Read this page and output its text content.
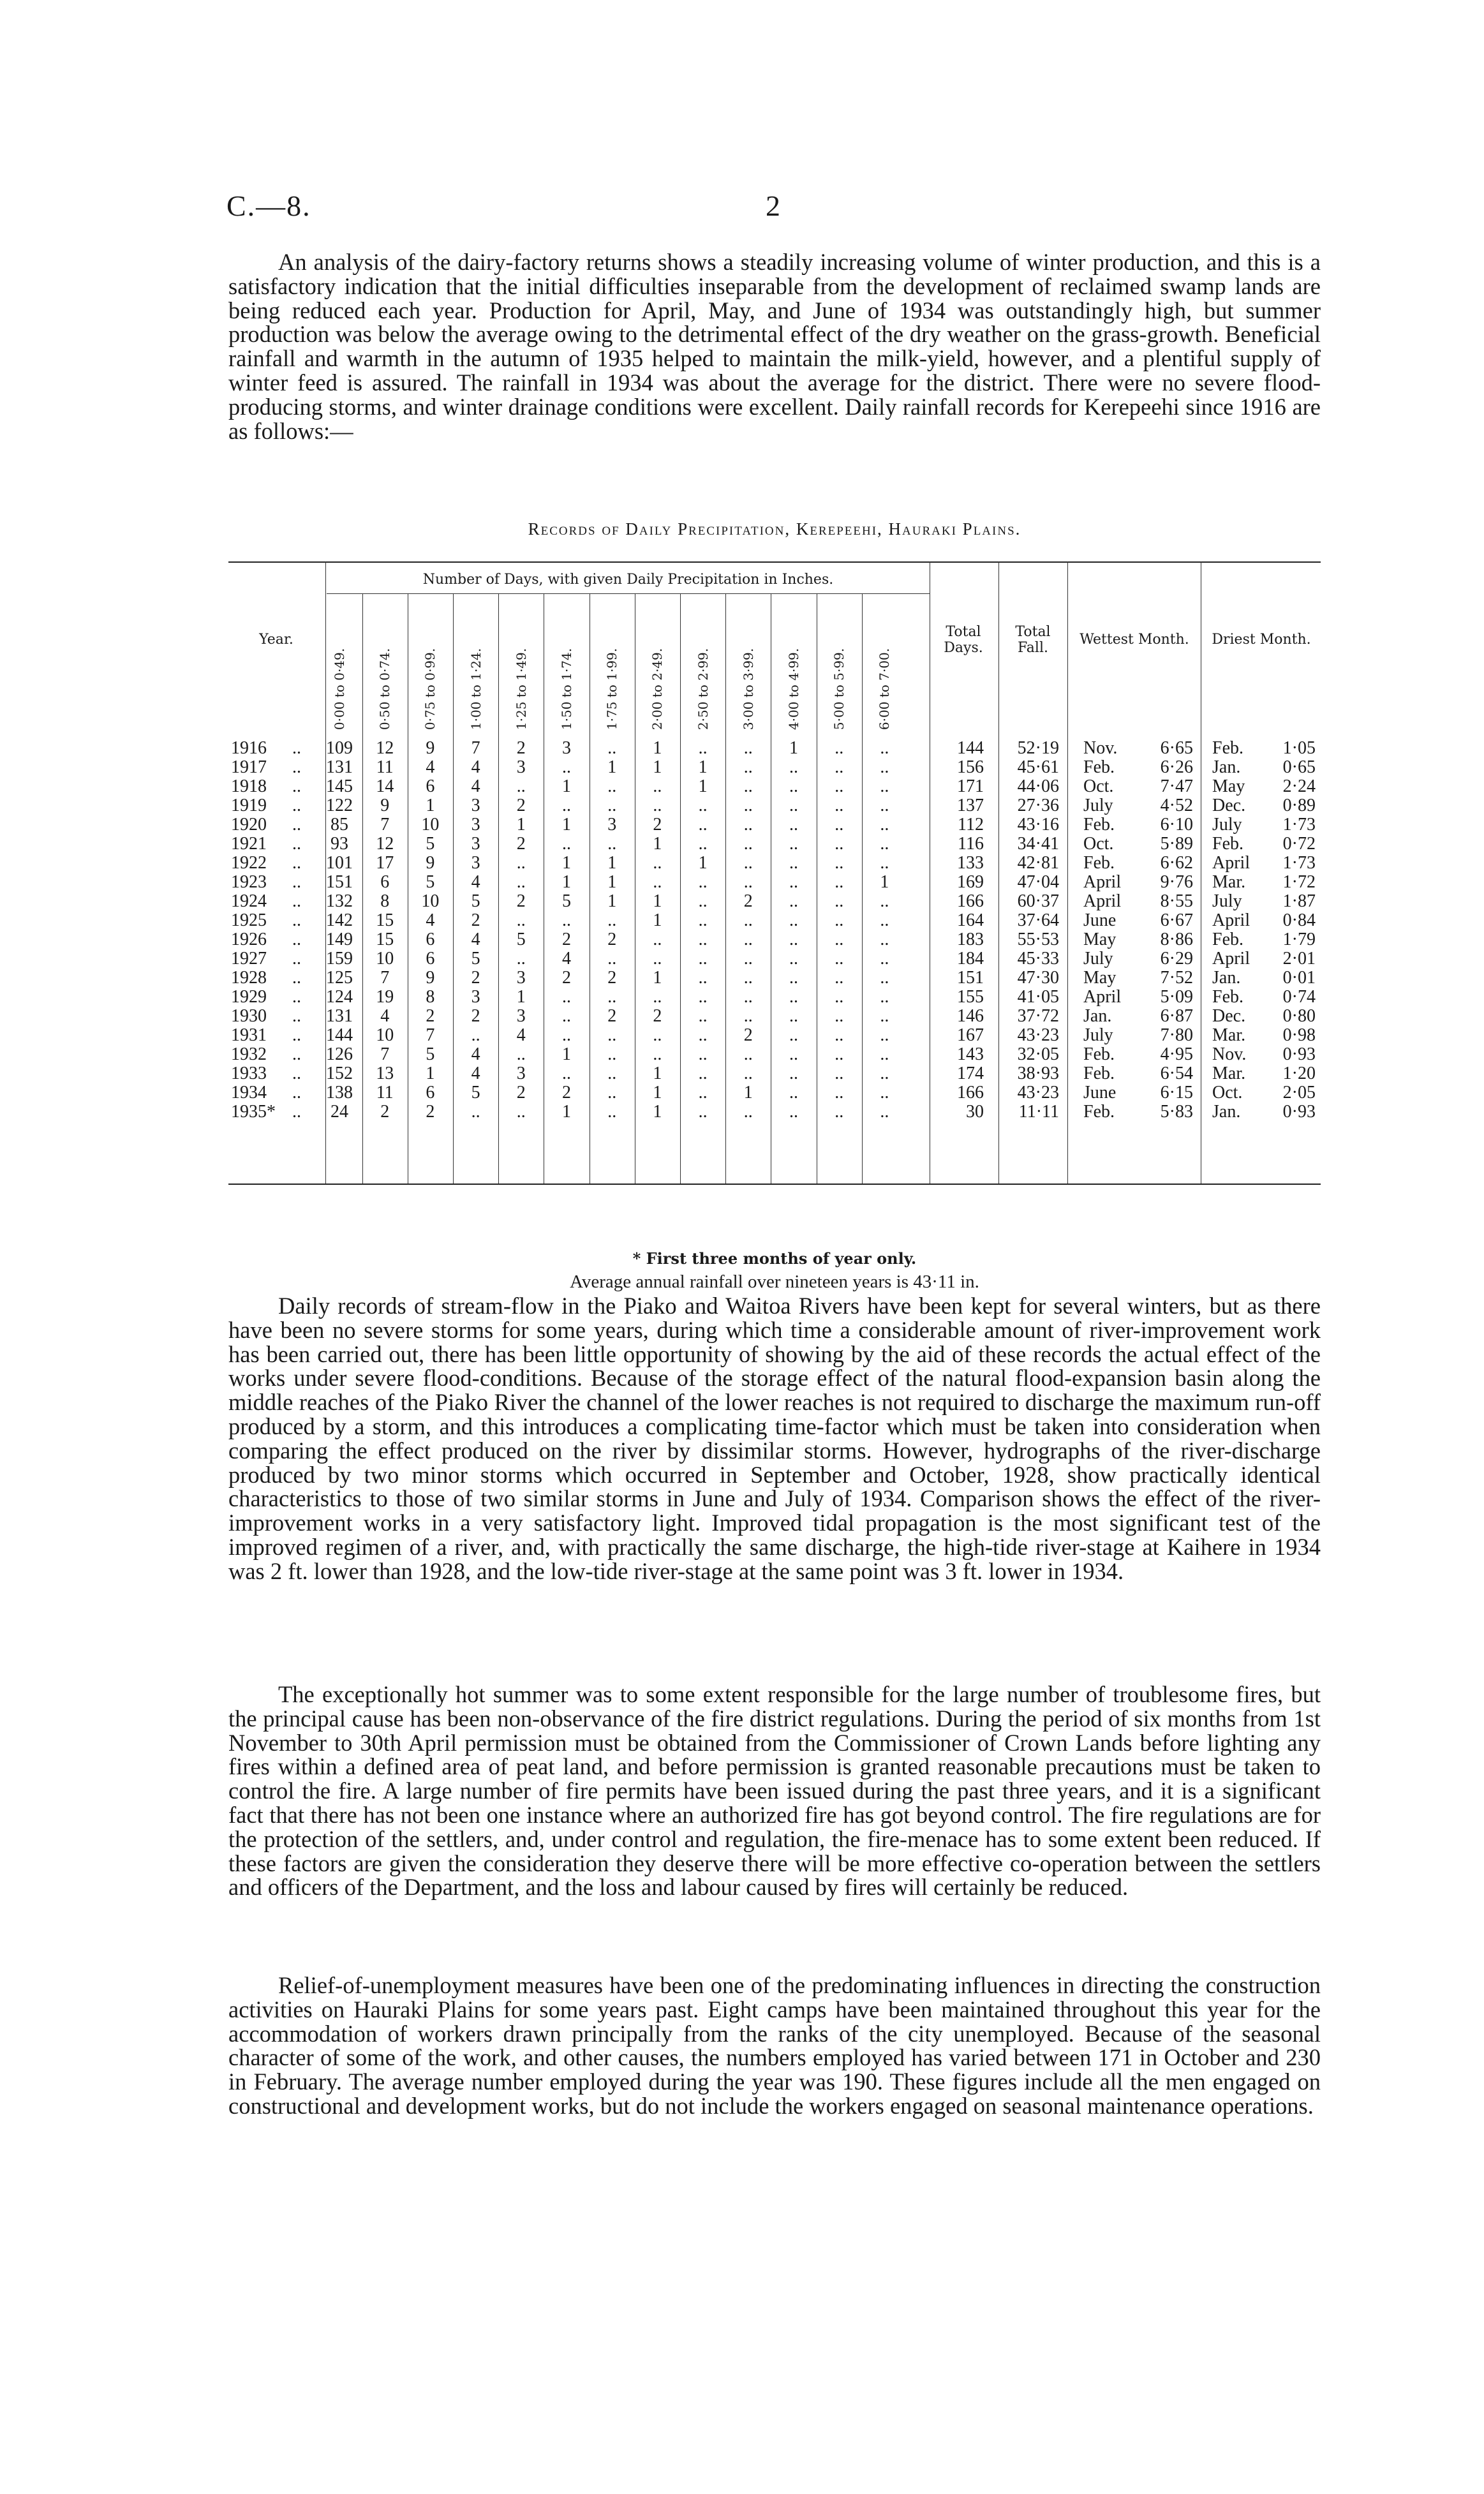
C.—8.	2

An analysis of the dairy-factory returns shows a steadily increasing volume of winter production, and this is a satisfactory indication that the initial difficulties inseparable from the development of reclaimed swamp lands are being reduced each year. Production for April, May, and June of 1934 was outstandingly high, but summer production was below the average owing to the detrimental effect of the dry weather on the grass-growth. Beneficial rainfall and warmth in the autumn of 1935 helped to maintain the milk-yield, however, and a plentiful supply of winter feed is assured. The rainfall in 1934 was about the average for the district. There were no severe flood-producing storms, and winter drainage conditions were excellent. Daily rainfall records for Kerepeehi since 1916 are as follows:—

Records of Daily Precipitation, Kerepeehi, Hauraki Plains.
Year.
Number of Days, with given Daily Precipitation in Inches.
Total Days.
Total Fall.
Wettest Month.	Driest Month.
0·00 to 0·49. 0·50 to 0·74. 0·75 to 0·99. 1·00 to 1·24. 1·25 to 1·49. 1·50 to 1·74. 1·75 to 1·99. 2·00 to 2·49. 2·50 to 2·99. 3·00 to 3·99. 4·00 to 4·99. 5·00 to 5·99. 6·00 to 7·00.
1916	..	109	12	9	7	2	3	..	1	..	..	1	..	..	144	52·19 Nov.	6·65 Feb.	1·05
1917	..	131	11	4	4	3	..	1	1	1	..	..	..	..	156	45·61 Feb.	6·26 Jan.	0·65
1918	..	145	14	6	4	..	1	..	..	1	..	..	..	..	171	44·06 Oct.	7·47 May	2·24
1919	..	122	9	1	3	2	..	..	..	..	..	..	..	..	137	27·36 July	4·52 Dec.	0·89
1920	..	85	7	10	3	1	1	3	2	..	..	..	..	..	112	43·16 Feb.	6·10 July	1·73
1921	..	93	12	5	3	2	..	..	1	..	..	..	..	..	116	34·41 Oct.	5·89 Feb.	0·72
1922	..	101	17	9	3	..	1	1	..	1	..	..	..	..	133	42·81 Feb.	6·62 April	1·73
1923	..	151	6	5	4	..	1	1	..	..	..	..	..	1	169	47·04 April	9·76 Mar.	1·72
1924	..	132	8	10	5	2	5	1	1	..	2	..	..	..	166	60·37 April	8·55 July	1·87
1925	..	142	15	4	2	..	..	..	1	..	..	..	..	..	164	37·64 June	6·67 April	0·84
1926	..	149	15	6	4	5	2	2	..	..	..	..	..	..	183	55·53 May	8·86 Feb.	1·79
1927	..	159	10	6	5	..	4	..	..	..	..	..	..	..	184	45·33 July	6·29 April	2·01
1928	..	125	7	9	2	3	2	2	1	..	..	..	..	..	151	47·30 May	7·52 Jan.	0·01
1929	..	124	19	8	3	1	..	..	..	..	..	..	..	..	155	41·05 April	5·09 Feb.	0·74
1930	..	131	4	2	2	3	..	2	2	..	..	..	..	..	146	37·72 Jan.	6·87 Dec.	0·80
1931	..	144	10	7	..	4	..	..	..	..	2	..	..	..	167	43·23 July	7·80 Mar.	0·98
1932	..	126	7	5	4	..	1	..	..	..	..	..	..	..	143	32·05 Feb.	4·95 Nov.	0·93
1933	..	152	13	1	4	3	..	..	1	..	..	..	..	..	174	38·93 Feb.	6·54 Mar.	1·20
1934	..	138	11	6	5	2	2	..	1	..	1	..	..	..	166	43·23 June	6·15 Oct.	2·05
1935* ..	24	2	2	..	..	1	..	1	..	..	..	..	..	30	11·11 Feb.	5·83 Jan.	0·93
* First three months of year only.
Average annual rainfall over nineteen years is 43·11 in.

Daily records of stream-flow in the Piako and Waitoa Rivers have been kept for several winters, but as there have been no severe storms for some years, during which time a considerable amount of river-improvement work has been carried out, there has been little opportunity of showing by the aid of these records the actual effect of the works under severe flood-conditions. Because of the storage effect of the natural flood-expansion basin along the middle reaches of the Piako River the channel of the lower reaches is not required to discharge the maximum run-off produced by a storm, and this introduces a complicating time-factor which must be taken into consideration when comparing the effect produced on the river by dissimilar storms. However, hydrographs of the river-discharge produced by two minor storms which occurred in September and October, 1928, show practically identical characteristics to those of two similar storms in June and July of 1934. Comparison shows the effect of the river-improvement works in a very satisfactory light. Improved tidal propagation is the most significant test of the improved regimen of a river, and, with practically the same discharge, the high-tide river-stage at Kaihere in 1934 was 2 ft. lower than 1928, and the low-tide river-stage at the same point was 3 ft. lower in 1934.

The exceptionally hot summer was to some extent responsible for the large number of troublesome fires, but the principal cause has been non-observance of the fire district regulations. During the period of six months from 1st November to 30th April permission must be obtained from the Commissioner of Crown Lands before lighting any fires within a defined area of peat land, and before permission is granted reasonable precautions must be taken to control the fire. A large number of fire permits have been issued during the past three years, and it is a significant fact that there has not been one instance where an authorized fire has got beyond control. The fire regulations are for the protection of the settlers, and, under control and regulation, the fire-menace has to some extent been reduced. If these factors are given the consideration they deserve there will be more effective co-operation between the settlers and officers of the Department, and the loss and labour caused by fires will certainly be reduced.

Relief-of-unemployment measures have been one of the predominating influences in directing the construction activities on Hauraki Plains for some years past. Eight camps have been maintained throughout this year for the accommodation of workers drawn principally from the ranks of the city unemployed. Because of the seasonal character of some of the work, and other causes, the numbers employed has varied between 171 in October and 230 in February. The average number employed during the year was 190. These figures include all the men engaged on constructional and development works, but do not include the workers engaged on seasonal maintenance operations.
